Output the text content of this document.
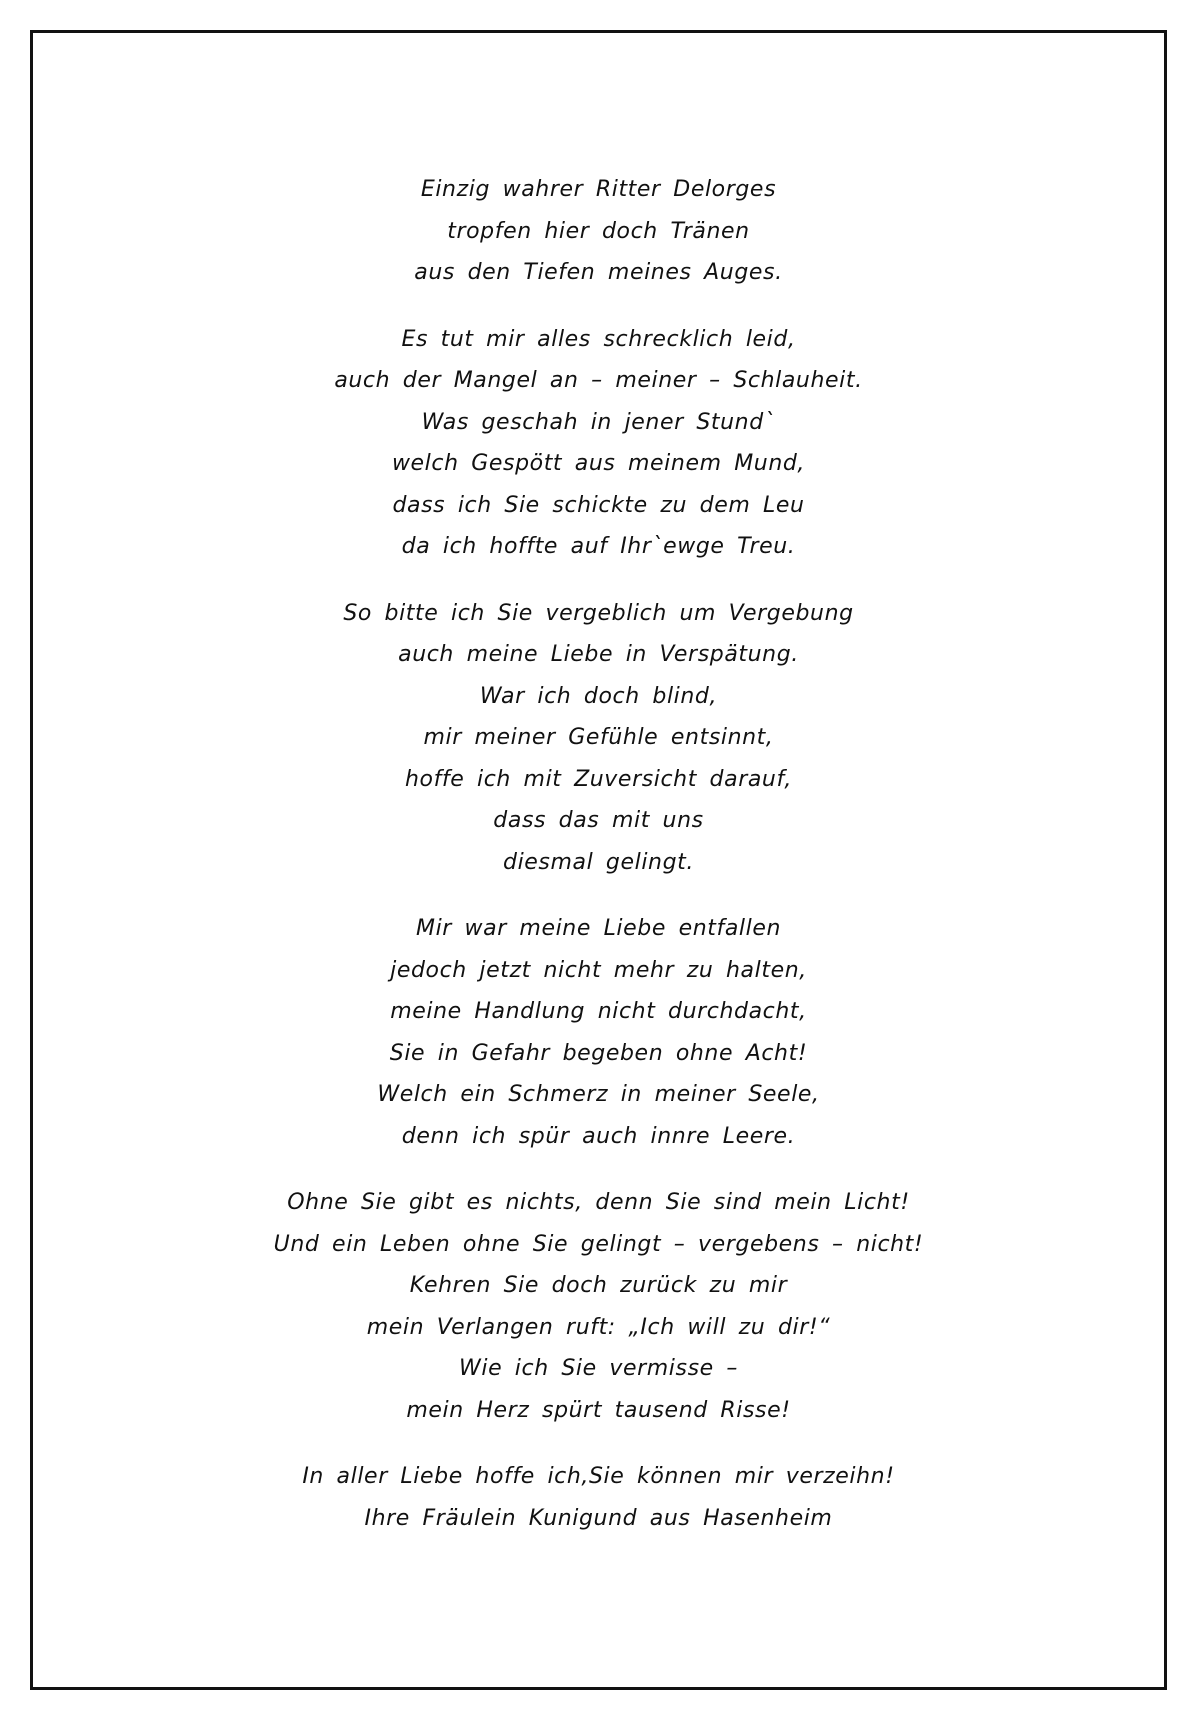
Einzig wahrer Ritter Delorges
tropfen hier doch Tränen
aus den Tiefen meines Auges.
Es tut mir alles schrecklich leid,
auch der Mangel an – meiner – Schlauheit.
Was geschah in jener Stund`
welch Gespött aus meinem Mund,
dass ich Sie schickte zu dem Leu
da ich hoffte auf Ihr`ewge Treu.
So bitte ich Sie vergeblich um Vergebung
auch meine Liebe in Verspätung.
War ich doch blind,
mir meiner Gefühle entsinnt,
hoffe ich mit Zuversicht darauf,
dass das mit uns
diesmal gelingt.
Mir war meine Liebe entfallen
jedoch jetzt nicht mehr zu halten,
meine Handlung nicht durchdacht,
Sie in Gefahr begeben ohne Acht!
Welch ein Schmerz in meiner Seele,
denn ich spür auch innre Leere.
Ohne Sie gibt es nichts, denn Sie sind mein Licht!
Und ein Leben ohne Sie gelingt – vergebens – nicht!
Kehren Sie doch zurück zu mir
mein Verlangen ruft: „Ich will zu dir!“
Wie ich Sie vermisse –
mein Herz spürt tausend Risse!
In aller Liebe hoffe ich,Sie können mir verzeihn!
Ihre Fräulein Kunigund aus Hasenheim
